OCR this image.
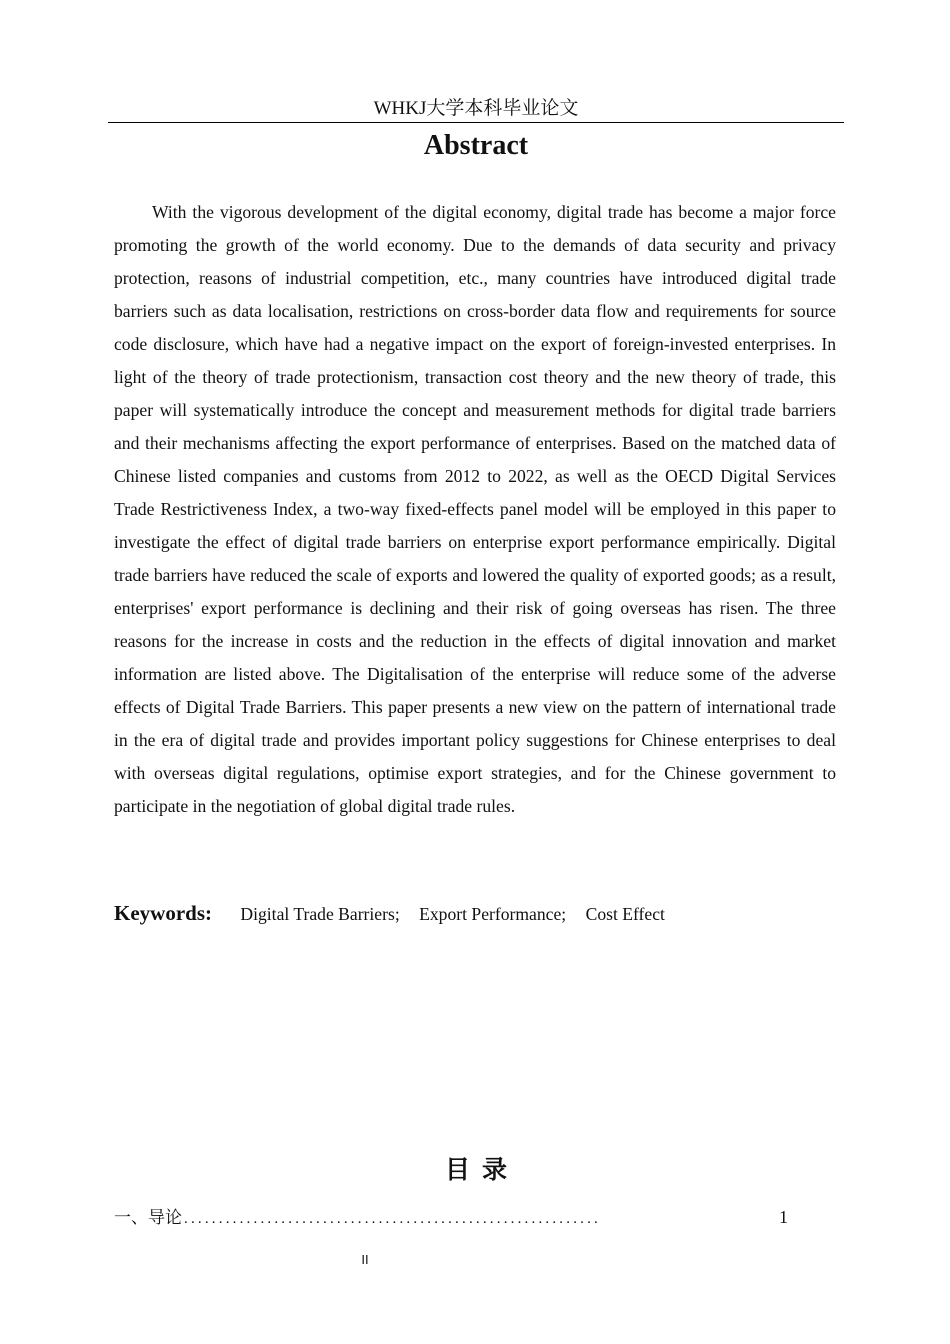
WHKJ大学本科毕业论文
Abstract

With the vigorous development of the digital economy, digital trade has become a major force promoting the growth of the world economy. Due to the demands of data security and privacy protection, reasons of industrial competition, etc., many countries have introduced digital trade barriers such as data localisation, restrictions on cross-border data flow and requirements for source code disclosure, which have had a negative impact on the export of foreign-invested enterprises. In light of the theory of trade protectionism, transaction cost theory and the new theory of trade, this paper will systematically introduce the concept and measurement methods for digital trade barriers and their mechanisms affecting the export performance of enterprises. Based on the matched data of Chinese listed companies and customs from 2012 to 2022, as well as the OECD Digital Services Trade Restrictiveness Index, a two-way fixed-effects panel model will be employed in this paper to investigate the effect of digital trade barriers on enterprise export performance empirically. Digital trade barriers have reduced the scale of exports and lowered the quality of exported goods; as a result, enterprises' export performance is declining and their risk of going overseas has risen. The three reasons for the increase in costs and the reduction in the effects of digital innovation and market information are listed above. The Digitalisation of the enterprise will reduce some of the adverse effects of Digital Trade Barriers. This paper presents a new view on the pattern of international trade in the era of digital trade and provides important policy suggestions for Chinese enterprises to deal with overseas digital regulations, optimise export strategies, and for the Chinese government to participate in the negotiation of global digital trade rules.

Keywords: Digital Trade Barriers; Export Performance; Cost Effect
目录
一、导论 ............................................................	1
II
